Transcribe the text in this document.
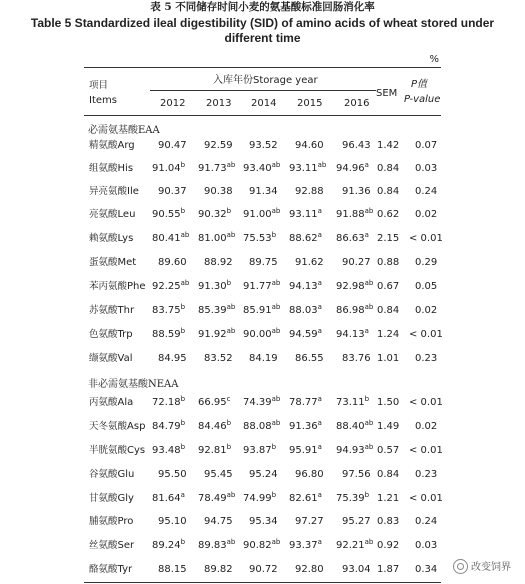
表 5 不同储存时间小麦的氨基酸标准回肠消化率
Table 5 Standardized ileal digestibility (SID) of amino acids of wheat stored under different time
%
项目
Items
入库年份Storage year
SEM
P值
P-value
2012 2013 2014 2015 2016
必需氨基酸EAA
非必需氨基酸NEAA
精氨酸Arg 90.47 92.59 93.52 94.60 96.43 1.42 0.07
组氨酸His 91.04$^b$ 91.73$^{ab}$ 93.40$^{ab}$ 93.11$^{ab}$ 94.96$^a$ 0.84 0.03
异亮氨酸Ile 90.37 90.38 91.34 92.88 91.36 0.84 0.24
亮氨酸Leu 90.55$^b$ 90.32$^b$ 91.00$^{ab}$ 93.11$^a$ 91.88$^{ab}$ 0.62 0.02
赖氨酸Lys 80.41$^{ab}$ 81.00$^{ab}$ 75.53$^b$ 88.62$^a$ 86.63$^a$ 2.15 < 0.01
蛋氨酸Met 89.60 88.92 89.75 91.62 90.27 0.88 0.29
苯丙氨酸Phe 92.25$^{ab}$ 91.30$^b$ 91.77$^{ab}$ 94.13$^a$ 92.98$^{ab}$ 0.67 0.05
苏氨酸Thr 83.75$^b$ 85.39$^{ab}$ 85.91$^{ab}$ 88.03$^a$ 86.98$^{ab}$ 0.84 0.02
色氨酸Trp 88.59$^b$ 91.92$^{ab}$ 90.00$^{ab}$ 94.59$^a$ 94.13$^a$ 1.24 < 0.01
缬氨酸Val	84.95 83.52 84.19 86.55 83.76 1.01 0.23
丙氨酸Ala 72.18$^b$ 66.95$^c$ 74.39$^{ab}$ 78.77$^a$ 73.11$^b$ 1.50 < 0.01
天冬氨酸Asp 84.79$^b$ 84.46$^b$ 88.08$^{ab}$ 91.36$^a$ 88.40$^{ab}$ 1.49 0.02
半胱氨酸Cys 93.48$^b$ 92.81$^b$ 93.87$^b$ 95.91$^a$ 94.93$^{ab}$ 0.57 < 0.01
谷氨酸Glu 95.50 95.45 95.24 96.80 97.56 0.84 0.23
甘氨酸Gly 81.64$^a$ 78.49$^{ab}$ 74.99$^b$ 82.61$^a$ 75.39$^b$ 1.21 < 0.01
脯氨酸Pro 95.10 94.75 95.34 97.27 95.27 0.83 0.24
丝氨酸Ser 89.24$^b$ 89.83$^{ab}$ 90.82$^{ab}$ 93.37$^a$ 92.21$^{ab}$ 0.92 0.03
酪氨酸Tyr	88.15 89.82 90.72 92.80 93.04 1.87 0.34	改变饲界
